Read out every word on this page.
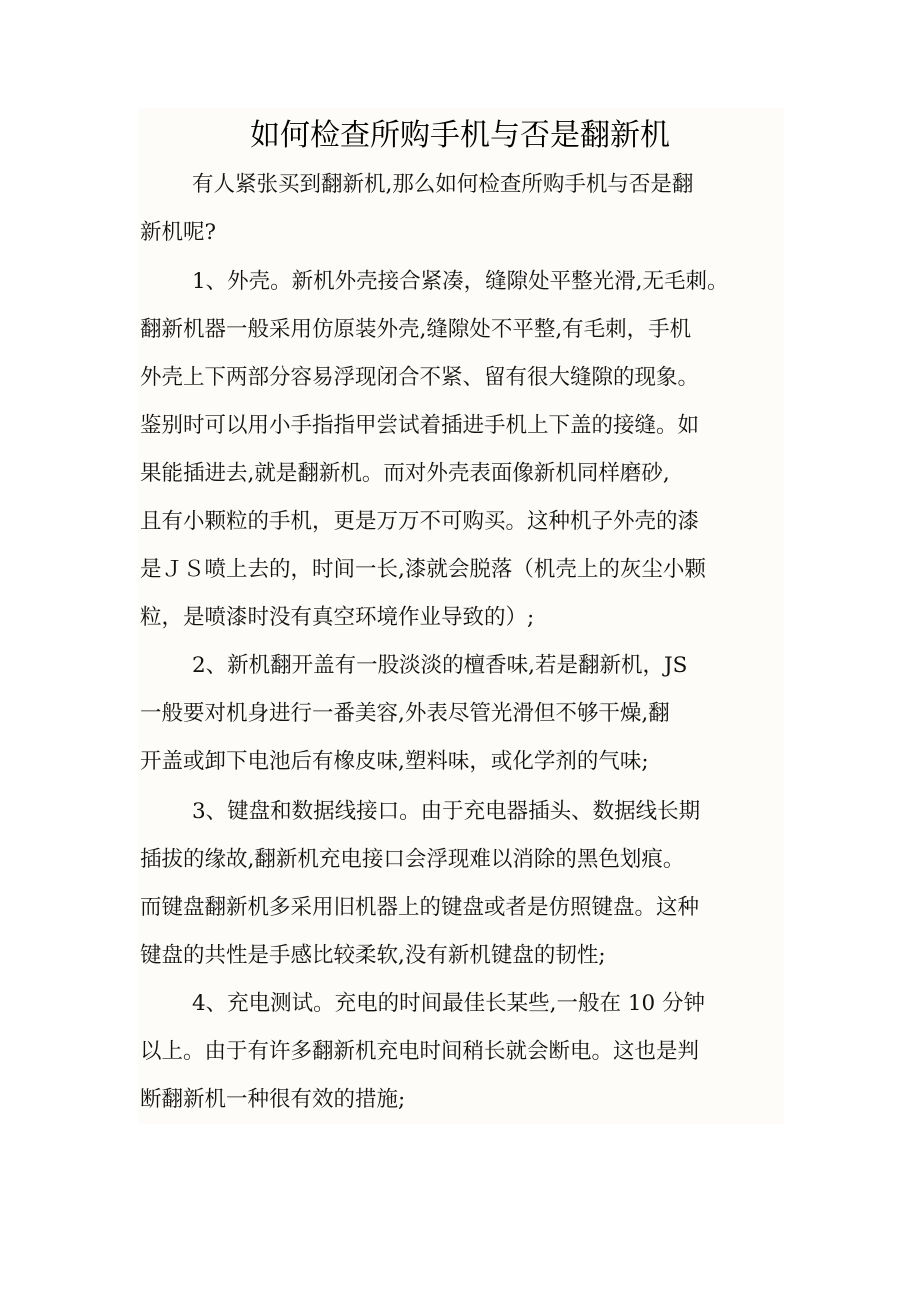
如何检查所购手机与否是翻新机
有人紧张买到翻新机,那么如何检查所购手机与否是翻
新机呢?
1、外壳。新机外壳接合紧凑，缝隙处平整光滑,无毛刺。
翻新机器一般采用仿原装外壳,缝隙处不平整,有毛刺，手机
外壳上下两部分容易浮现闭合不紧、留有很大缝隙的现象。
鉴别时可以用小手指指甲尝试着插进手机上下盖的接缝。如
果能插进去,就是翻新机。而对外壳表面像新机同样磨砂,
且有小颗粒的手机，更是万万不可购买。这种机子外壳的漆
是ＪＳ喷上去的，时间一长,漆就会脱落（机壳上的灰尘小颗
粒，是喷漆时没有真空环境作业导致的）;
2、新机翻开盖有一股淡淡的檀香味,若是翻新机，JS
一般要对机身进行一番美容,外表尽管光滑但不够干燥,翻
开盖或卸下电池后有橡皮味,塑料味，或化学剂的气味;
3、键盘和数据线接口。由于充电器插头、数据线长期
插拔的缘故,翻新机充电接口会浮现难以消除的黑色划痕。
而键盘翻新机多采用旧机器上的键盘或者是仿照键盘。这种
键盘的共性是手感比较柔软,没有新机键盘的韧性;
4、充电测试。充电的时间最佳长某些,一般在 10 分钟
以上。由于有许多翻新机充电时间稍长就会断电。这也是判
断翻新机一种很有效的措施;
